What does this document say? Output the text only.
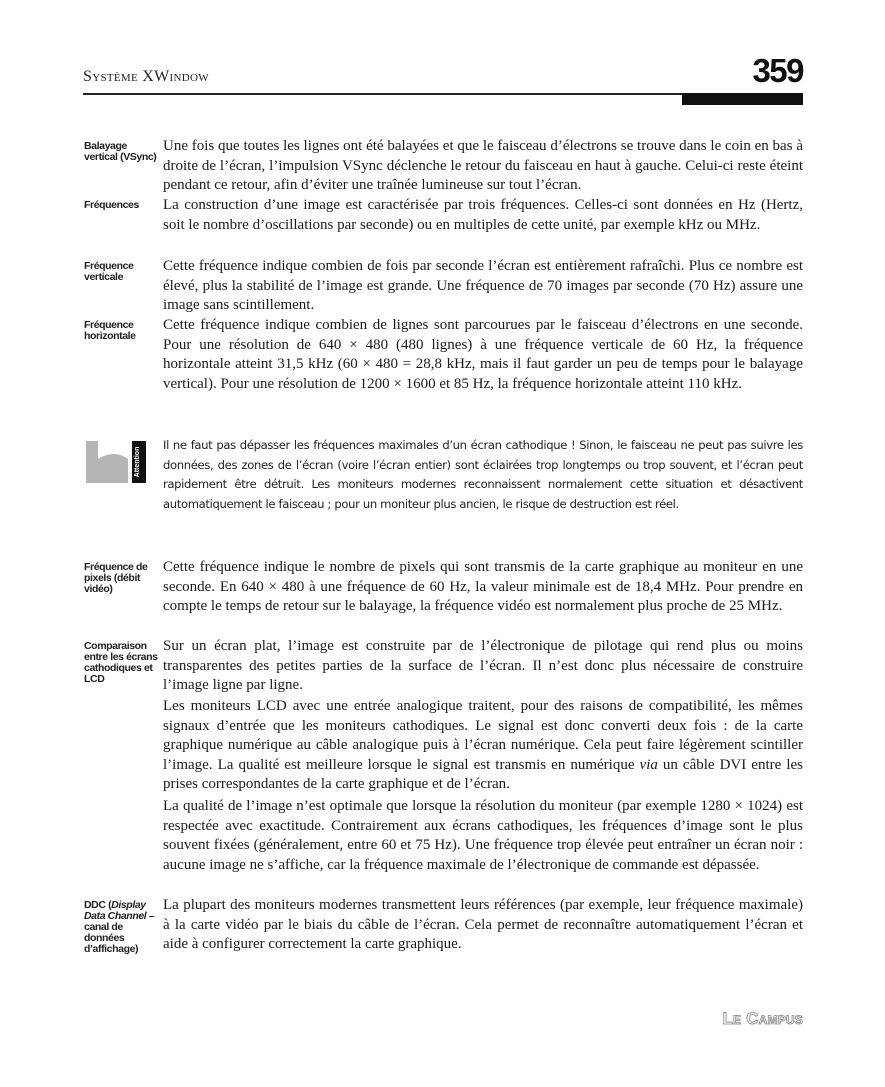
Système XWindow	359
Balayage vertical (VSync)

Une fois que toutes les lignes ont été balayées et que le faisceau d’électrons se trouve dans le coin en bas à droite de l’écran, l’impulsion VSync déclenche le retour du faisceau en haut à gauche. Celui-ci reste éteint pendant ce retour, afin d’éviter une traînée lumineuse sur tout l’écran.

Fréquences	La construction d’une image est caractérisée par trois fréquences. Celles-ci sont données en Hz (Hertz, soit le nombre d’oscillations par seconde) ou en multiples de cette unité, par exemple kHz ou MHz.

Fréquence verticale

Cette fréquence indique combien de fois par seconde l’écran est entièrement rafraîchi. Plus ce nombre est élevé, plus la stabilité de l’image est grande. Une fréquence de 70 images par seconde (70 Hz) assure une image sans scintillement.

Fréquence horizontale

Cette fréquence indique combien de lignes sont parcourues par le faisceau d’électrons en une seconde. Pour une résolution de 640 × 480 (480 lignes) à une fréquence verticale de 60 Hz, la fréquence horizontale atteint 31,5 kHz (60 × 480 = 28,8 kHz, mais il faut garder un peu de temps pour le balayage vertical). Pour une résolution de 1200 × 1600 et 85 Hz, la fréquence horizontale atteint 110 kHz.

Attention

Il ne faut pas dépasser les fréquences maximales d’un écran cathodique ! Sinon, le faisceau ne peut pas suivre les données, des zones de l’écran (voire l’écran entier) sont éclairées trop longtemps ou trop souvent, et l’écran peut rapidement être détruit. Les moniteurs modernes reconnaissent normalement cette situation et désactivent automatiquement le faisceau ; pour un moniteur plus ancien, le risque de destruction est réel.

Fréquence de pixels (débit vidéo)

Cette fréquence indique le nombre de pixels qui sont transmis de la carte graphique au moniteur en une seconde. En 640 × 480 à une fréquence de 60 Hz, la valeur minimale est de 18,4 MHz. Pour prendre en compte le temps de retour sur le balayage, la fréquence vidéo est normalement plus proche de 25 MHz.

Comparaison entre les écrans cathodiques et LCD

Sur un écran plat, l’image est construite par de l’électronique de pilotage qui rend plus ou moins transparentes des petites parties de la surface de l’écran. Il n’est donc plus nécessaire de construire l’image ligne par ligne.

Les moniteurs LCD avec une entrée analogique traitent, pour des raisons de compatibilité, les mêmes signaux d’entrée que les moniteurs cathodiques. Le signal est donc converti deux fois : de la carte graphique numérique au câble analogique puis à l’écran numérique. Cela peut faire légèrement scintiller l’image. La qualité est meilleure lorsque le signal est transmis en numérique via un câble DVI entre les prises correspondantes de la carte graphique et de l’écran.

La qualité de l’image n’est optimale que lorsque la résolution du moniteur (par exemple 1280 × 1024) est respectée avec exactitude. Contrairement aux écrans cathodiques, les fréquences d’image sont le plus souvent fixées (généralement, entre 60 et 75 Hz). Une fréquence trop élevée peut entraîner un écran noir : aucune image ne s’affiche, car la fréquence maximale de l’électronique de commande est dépassée.

DDC (Display Data Channel – canal de données d’affichage)

La plupart des moniteurs modernes transmettent leurs références (par exemple, leur fréquence maximale) à la carte vidéo par le biais du câble de l’écran. Cela permet de reconnaître automatiquement l’écran et aide à configurer correctement la carte graphique.

Le Campus
